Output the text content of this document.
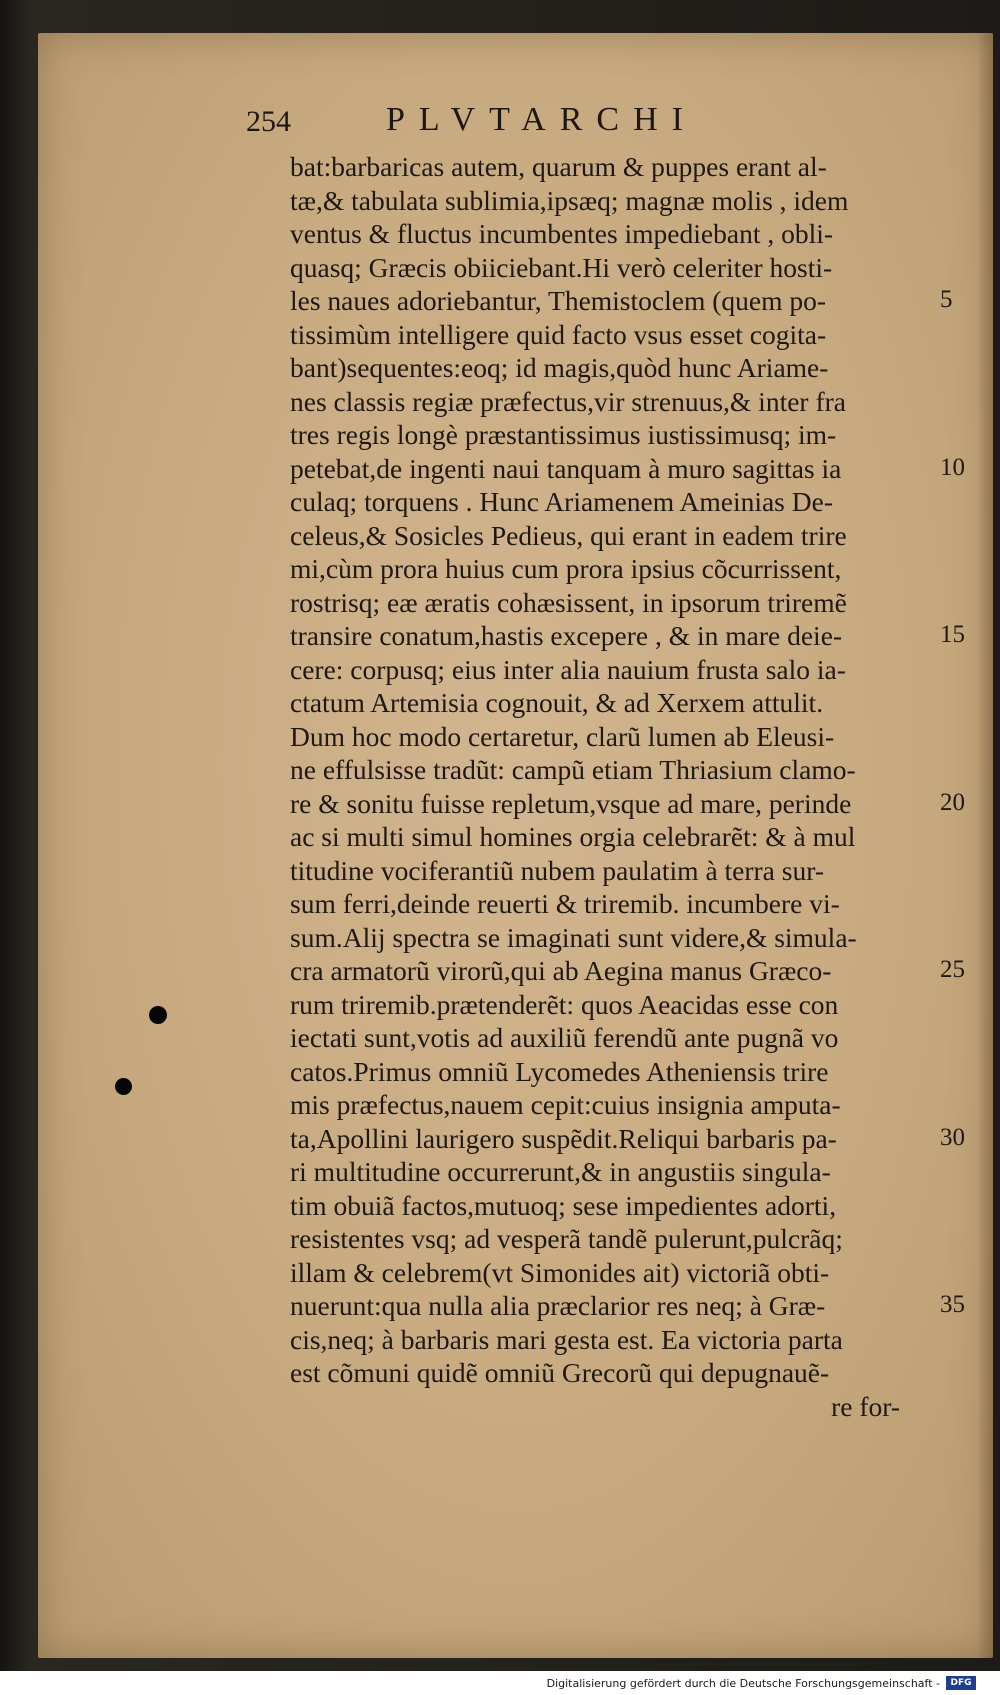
254	PLVTARCHI
bat:barbaricas autem, quarum & puppes erant al-
tæ,& tabulata sublimia,ipsæq; magnæ molis , idem
ventus & fluctus incumbentes impediebant , obli-
quasq; Græcis obiiciebant.Hi verò celeriter hosti-
les naues adoriebantur, Themistoclem (quem po-
tissimùm intelligere quid facto vsus esset cogita-
bant)sequentes:eoq; id magis,quòd hunc Ariame-
nes classis regiæ præfectus,vir strenuus,& inter fra
tres regis longè præstantissimus iustissimusq; im-
petebat,de ingenti naui tanquam à muro sagittas ia
culaq; torquens . Hunc Ariamenem Ameinias De-
celeus,& Sosicles Pedieus, qui erant in eadem trire
mi,cùm prora huius cum prora ipsius cõcurrissent,
rostrisq; eæ æratis cohæsissent, in ipsorum triremẽ
transire conatum,hastis excepere , & in mare deie-
cere: corpusq; eius inter alia nauium frusta salo ia-
ctatum Artemisia cognouit, & ad Xerxem attulit.
Dum hoc modo certaretur, clarũ lumen ab Eleusi-
ne effulsisse tradũt: campũ etiam Thriasium clamo-
re & sonitu fuisse repletum,vsque ad mare, perinde
ac si multi simul homines orgia celebrarẽt: & à mul
titudine vociferantiũ nubem paulatim à terra sur-
sum ferri,deinde reuerti & triremib. incumbere vi-
sum.Alij spectra se imaginati sunt videre,& simula-
cra armatorũ virorũ,qui ab Aegina manus Græco-
rum triremib.prætenderẽt: quos Aeacidas esse con
iectati sunt,votis ad auxiliũ ferendũ ante pugnã vo
catos.Primus omniũ Lycomedes Atheniensis trire
mis præfectus,nauem cepit:cuius insignia amputa-
ta,Apollini laurigero suspẽdit.Reliqui barbaris pa-
ri multitudine occurrerunt,& in angustiis singula-
tim obuiã factos,mutuoq; sese impedientes adorti,
resistentes vsq; ad vesperã tandẽ pulerunt,pulcrãq;
illam & celebrem(vt Simonides ait) victoriã obti-
nuerunt:qua nulla alia præclarior res neq; à Græ-
cis,neq; à barbaris mari gesta est. Ea victoria parta
est cõmuni quidẽ omniũ Grecorũ qui depugnauẽ-
re for-
5
10
15
20
25
30
35
Digitalisierung gefördert durch die Deutsche Forschungsgemeinschaft -	DFG
